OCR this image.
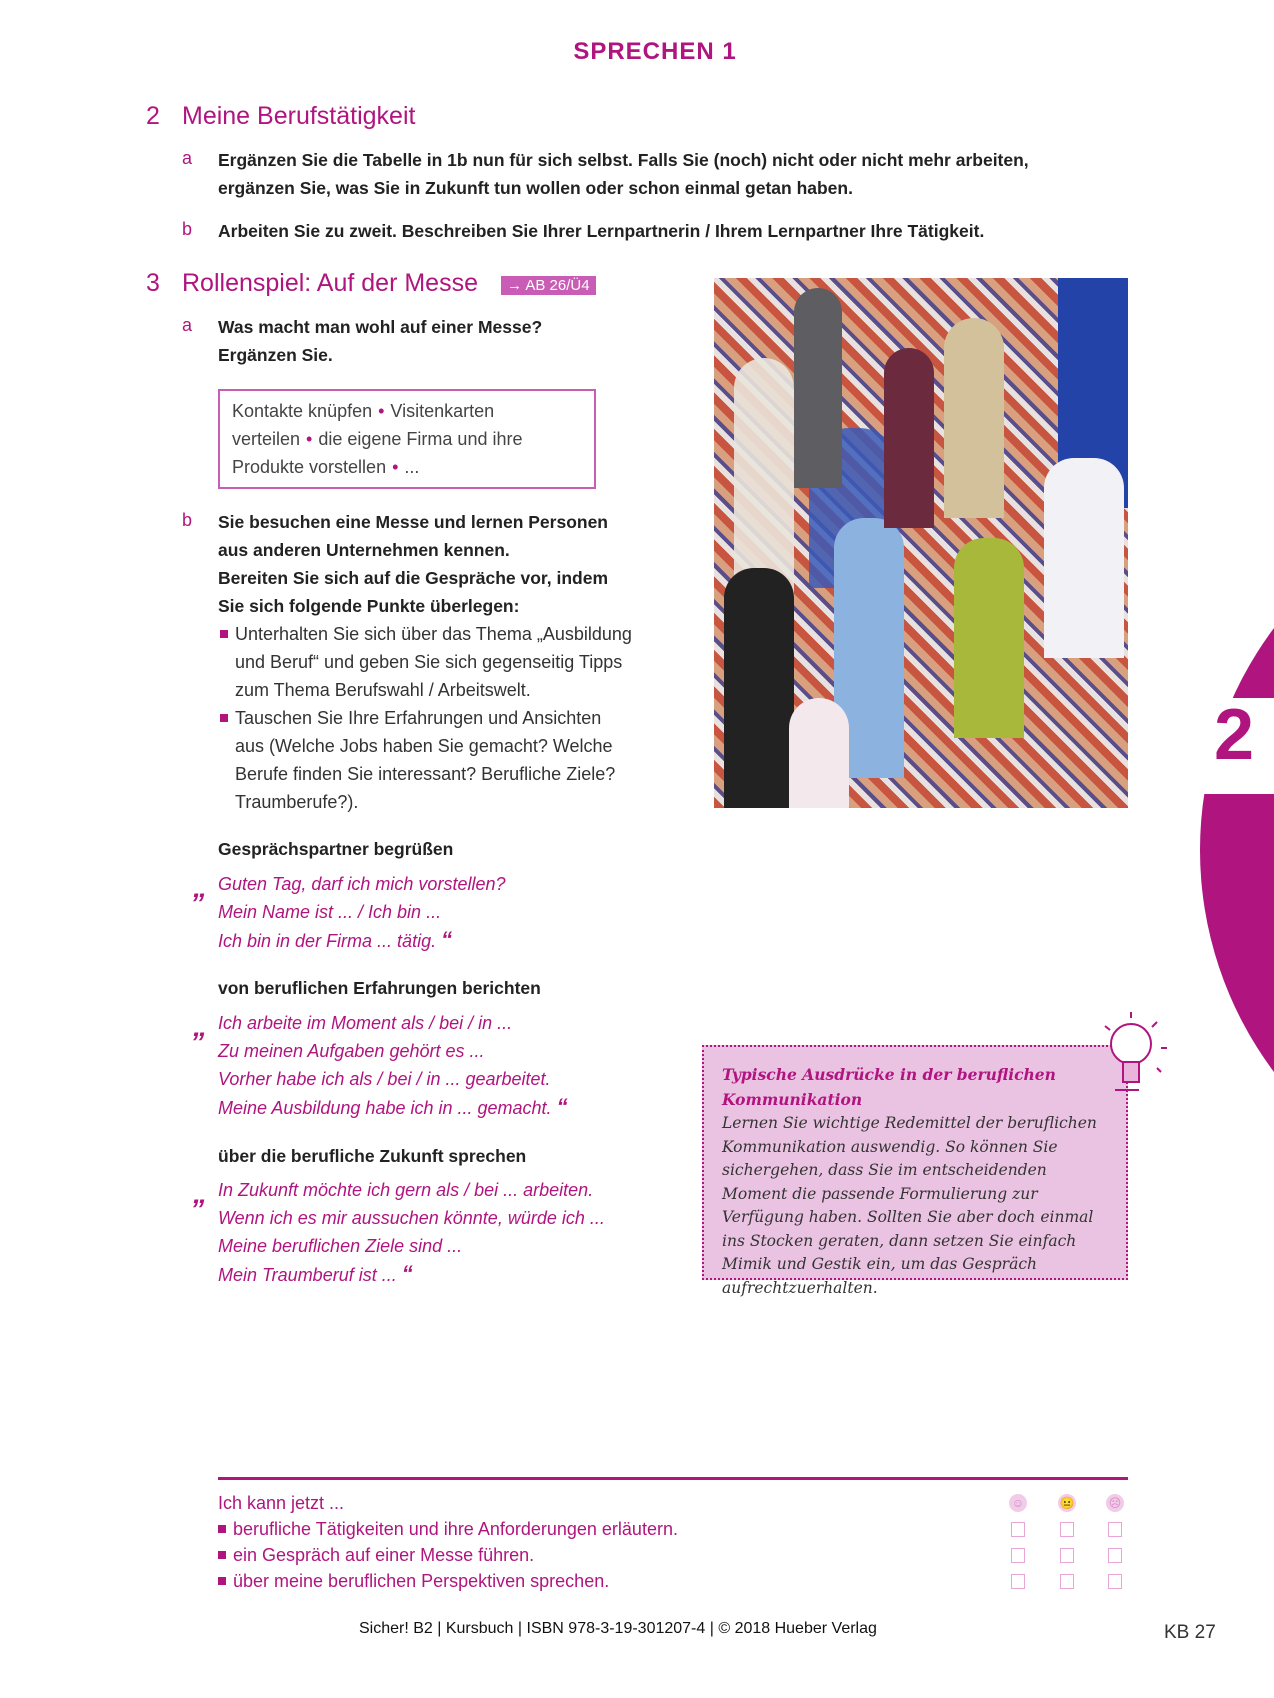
SPRECHEN 1
2 Meine Berufstätigkeit
a Ergänzen Sie die Tabelle in 1b nun für sich selbst. Falls Sie (noch) nicht oder nicht mehr arbeiten,
ergänzen Sie, was Sie in Zukunft tun wollen oder schon einmal getan haben.
b Arbeiten Sie zu zweit. Beschreiben Sie Ihrer Lernpartnerin / Ihrem Lernpartner Ihre Tätigkeit.
3 Rollenspiel: Auf der Messe	→ AB 26/Ü4
a Was macht man wohl auf einer Messe?
Ergänzen Sie.
Kontakte knüpfen • Visitenkarten verteilen • die eigene Firma und ihre Produkte vorstellen • ...
b Sie besuchen eine Messe und lernen Personen
aus anderen Unternehmen kennen.
Bereiten Sie sich auf die Gespräche vor, indem
Sie sich folgende Punkte überlegen:
Unterhalten Sie sich über das Thema „Ausbildung
und Beruf“ und geben Sie sich gegenseitig Tipps
zum Thema Berufswahl / Arbeitswelt.
Tauschen Sie Ihre Erfahrungen und Ansichten
aus (Welche Jobs haben Sie gemacht? Welche
Berufe finden Sie interessant? Berufliche Ziele?
Traumberufe?).
Gesprächspartner begrüßen
„ Guten Tag, darf ich mich vorstellen?
Mein Name ist ... / Ich bin ...
Ich bin in der Firma ... tätig. “
von beruflichen Erfahrungen berichten
„ Ich arbeite im Moment als / bei / in ...
Zu meinen Aufgaben gehört es ...
Vorher habe ich als / bei / in ... gearbeitet.
Meine Ausbildung habe ich in ... gemacht. “
über die berufliche Zukunft sprechen
„ In Zukunft möchte ich gern als / bei ... arbeiten.
Wenn ich es mir aussuchen könnte, würde ich ...
Meine beruflichen Ziele sind ...
Mein Traumberuf ist ... “
2
Typische Ausdrücke in der beruflichen Kommunikation
Lernen Sie wichtige Redemittel der beruflichen Kommunikation auswendig. So können Sie sichergehen, dass Sie im entscheidenden Moment die passende Formulierung zur Verfügung haben. Sollten Sie aber doch einmal ins Stocken geraten, dann setzen Sie einfach Mimik und Gestik ein, um das Gespräch aufrechtzuerhalten.
Ich kann jetzt ...
berufliche Tätigkeiten und ihre Anforderungen erläutern.
ein Gespräch auf einer Messe führen.
über meine beruflichen Perspektiven sprechen.
☺	😐	☹
Sicher! B2 | Kursbuch | ISBN 978-3-19-301207-4 | © 2018 Hueber Verlag	KB 27
